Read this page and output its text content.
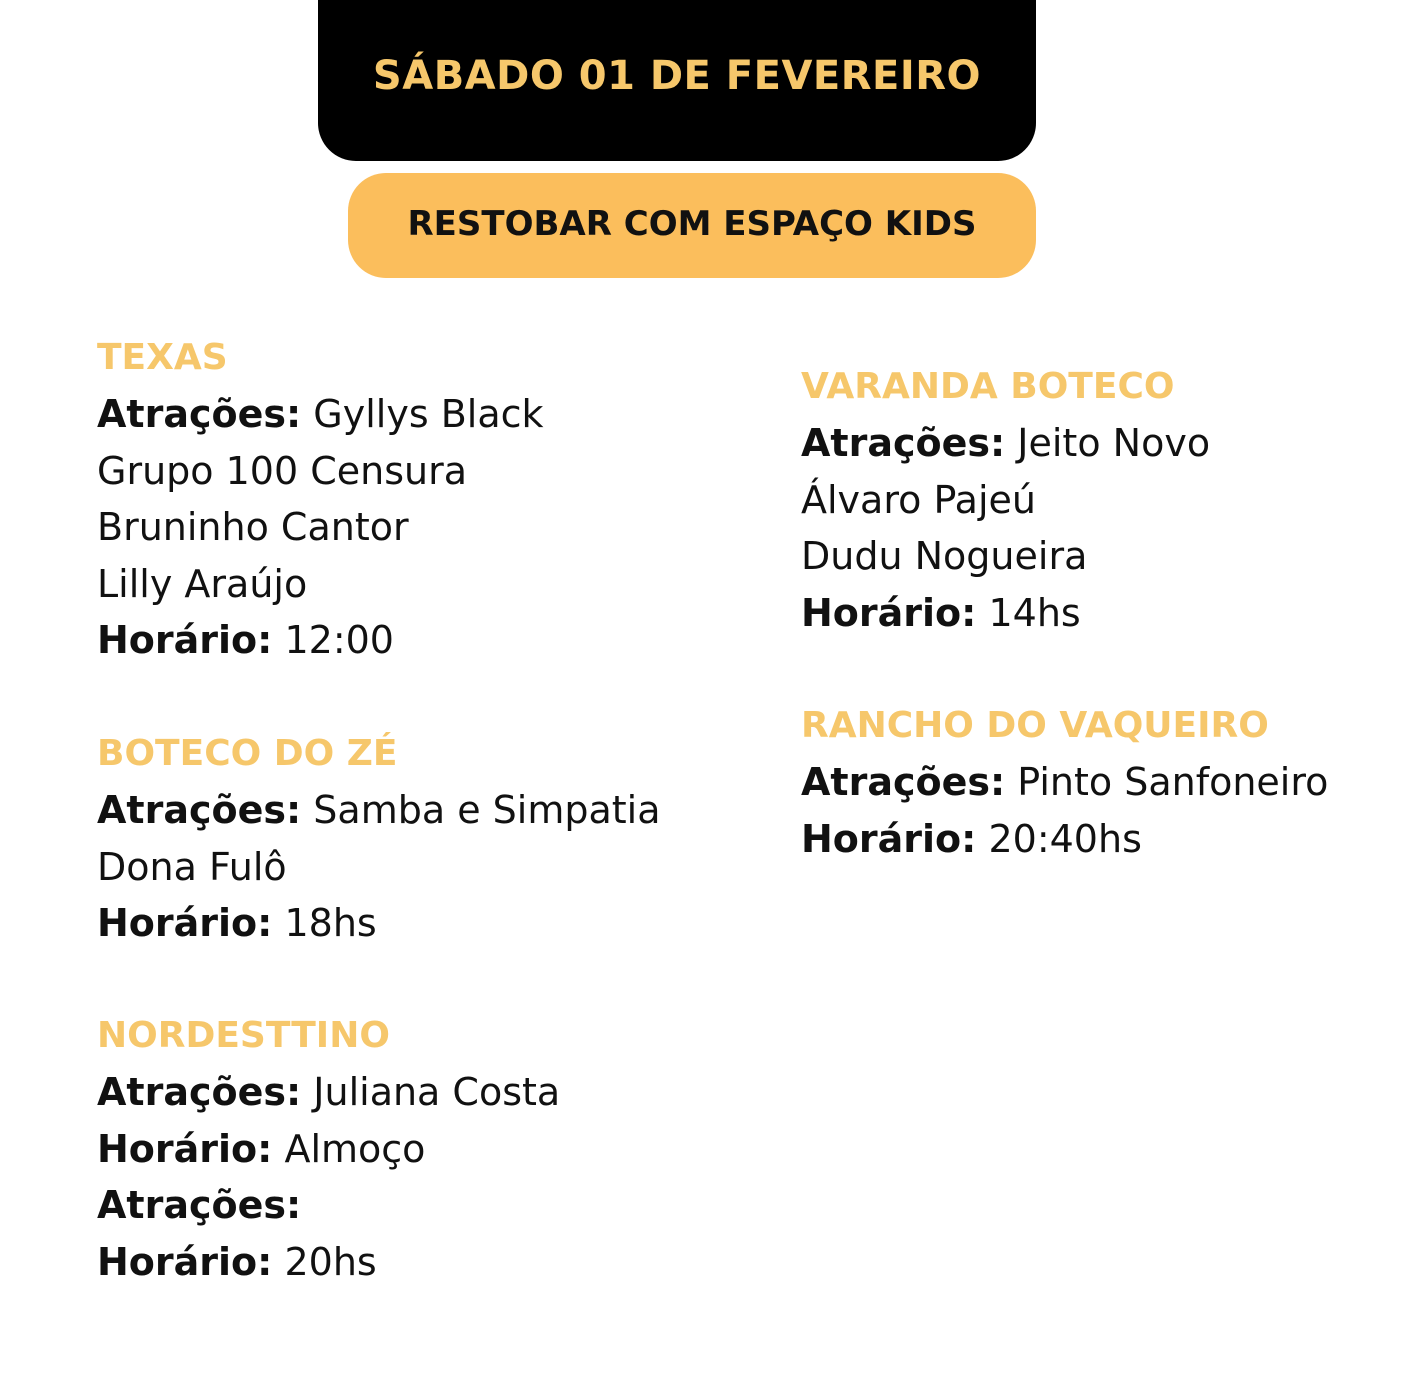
SÁBADO 01 DE FEVEREIRO
RESTOBAR COM ESPAÇO KIDS
TEXAS
Atrações: Gyllys Black
Grupo 100 Censura
Bruninho Cantor
Lilly Araújo
Horário: 12:00
BOTECO DO ZÉ
Atrações: Samba e Simpatia
Dona Fulô
Horário: 18hs
NORDESTTINO
Atrações: Juliana Costa
Horário: Almoço
Atrações:
Horário: 20hs
VARANDA BOTECO
Atrações: Jeito Novo
Álvaro Pajeú
Dudu Nogueira
Horário: 14hs
RANCHO DO VAQUEIRO
Atrações: Pinto Sanfoneiro
Horário: 20:40hs
